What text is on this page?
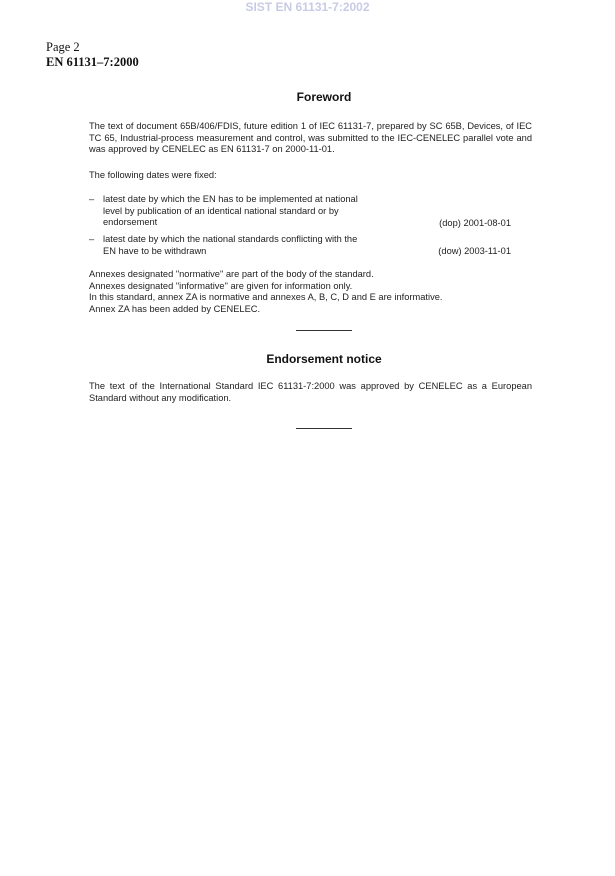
SIST EN 61131-7:2002
Page 2
EN 61131–7:2000
Foreword
The text of document 65B/406/FDIS, future edition 1 of IEC 61131-7, prepared by SC 65B, Devices, of IEC TC 65, Industrial-process measurement and control, was submitted to the IEC-CENELEC parallel vote and was approved by CENELEC as EN 61131-7 on 2000-11-01.
The following dates were fixed:
– latest date by which the EN has to be implemented at national level by publication of an identical national standard or by endorsement	(dop) 2001-08-01
– latest date by which the national standards conflicting with the EN have to be withdrawn	(dow) 2003-11-01
Annexes designated "normative" are part of the body of the standard.
Annexes designated "informative" are given for information only.
In this standard, annex ZA is normative and annexes A, B, C, D and E are informative.
Annex ZA has been added by CENELEC.
Endorsement notice
The text of the International Standard IEC 61131-7:2000 was approved by CENELEC as a European Standard without any modification.
